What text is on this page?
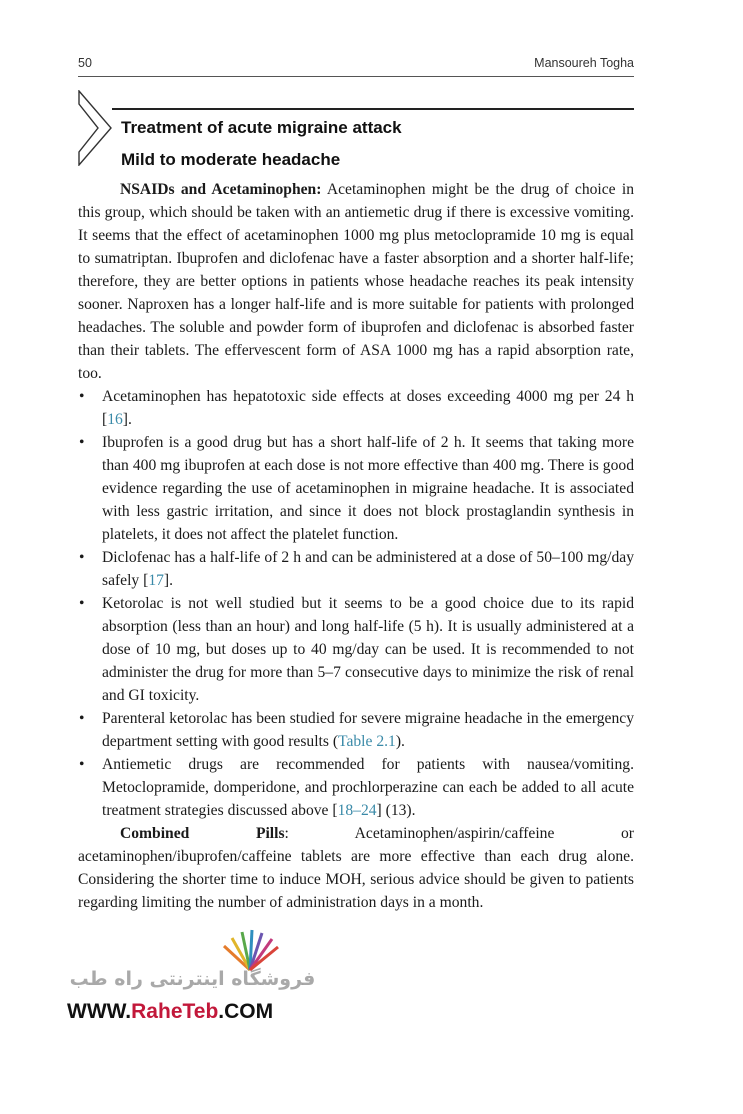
50	Mansoureh Togha
Treatment of acute migraine attack
Mild to moderate headache

NSAIDs and Acetaminophen: Acetaminophen might be the drug of choice in this group, which should be taken with an antiemetic drug if there is excessive vomiting. It seems that the effect of acetaminophen 1000 mg plus metoclopramide 10 mg is equal to sumatriptan. Ibuprofen and diclofenac have a faster absorption and a shorter half-life; therefore, they are better options in patients whose headache reaches its peak intensity sooner. Naproxen has a longer half-life and is more suitable for patients with prolonged headaches. The soluble and powder form of ibuprofen and diclofenac is absorbed faster than their tablets. The effervescent form of ASA 1000 mg has a rapid absorption rate, too.

• Acetaminophen has hepatotoxic side effects at doses exceeding 4000 mg per 24 h [16].
• Ibuprofen is a good drug but has a short half-life of 2 h. It seems that taking more than 400 mg ibuprofen at each dose is not more effective than 400 mg. There is good evidence regarding the use of acetaminophen in migraine headache. It is associated with less gastric irritation, and since it does not block prostaglandin synthesis in platelets, it does not affect the platelet function.
• Diclofenac has a half-life of 2 h and can be administered at a dose of 50–100 mg/day safely [17].
• Ketorolac is not well studied but it seems to be a good choice due to its rapid absorption (less than an hour) and long half-life (5 h). It is usually administered at a dose of 10 mg, but doses up to 40 mg/day can be used. It is recommended to not administer the drug for more than 5–7 consecutive days to minimize the risk of renal and GI toxicity.
• Parenteral ketorolac has been studied for severe migraine headache in the emergency department setting with good results (Table 2.1).
• Antiemetic drugs are recommended for patients with nausea/vomiting. Metoclopramide, domperidone, and prochlorperazine can each be added to all acute treatment strategies discussed above [18–24] (13).

Combined Pills: Acetaminophen/aspirin/caffeine or acetaminophen/ibuprofen/caffeine tablets are more effective than each drug alone. Considering the shorter time to induce MOH, serious advice should be given to patients regarding limiting the number of administration days in a month.

فروشگاه اینترنتی راه طب
WWW.RaheTeb.COM
